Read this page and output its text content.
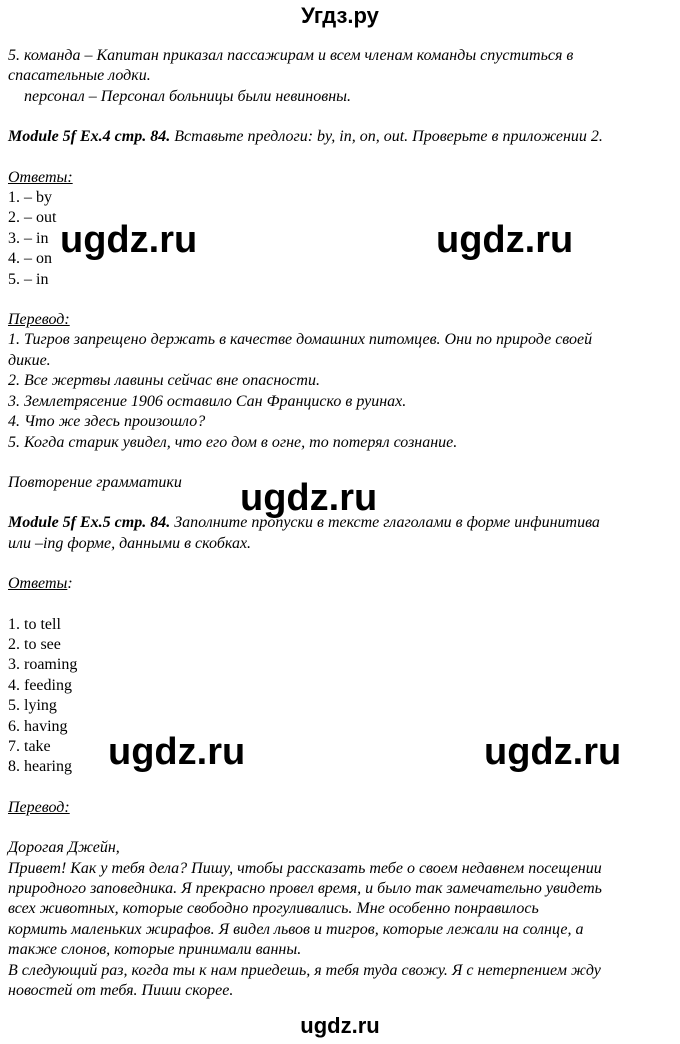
Угдз.ру
5. команда – Капитан приказал пассажирам и всем членам команды спуститься в
спасательные лодки.
персонал – Персонал больницы были невиновны.
Module 5f Ex.4 стр. 84. Вставьте предлоги: by, in, on, out. Проверьте в приложении 2.
Ответы:
1. – by
2. – out
3. – in
4. – on
5. – in
Перевод:
1. Тигров запрещено держать в качестве домашних питомцев. Они по природе своей
дикие.
2. Все жертвы лавины сейчас вне опасности.
3. Землетрясение 1906 оставило Сан Франциско в руинах.
4. Что же здесь произошло?
5. Когда старик увидел, что его дом в огне, то потерял сознание.
Повторение грамматики
Module 5f Ex.5 стр. 84. Заполните пропуски в тексте глаголами в форме инфинитива
или –ing форме, данными в скобках.
Ответы:
1. to tell
2. to see
3. roaming
4. feeding
5. lying
6. having
7. take
8. hearing
Перевод:
Дорогая Джейн,
Привет! Как у тебя дела? Пишу, чтобы рассказать тебе о своем недавнем посещении
природного заповедника. Я прекрасно провел время, и было так замечательно увидеть
всех животных, которые свободно прогуливались. Мне особенно понравилось
кормить маленьких жирафов. Я видел львов и тигров, которые лежали на солнце, а
также слонов, которые принимали ванны.
В следующий раз, когда ты к нам приедешь, я тебя туда свожу. Я с нетерпением жду
новостей от тебя. Пиши скорее.
ugdz.ru	ugdz.ru
ugdz.ru
ugdz.ru	ugdz.ru
ugdz.ru
